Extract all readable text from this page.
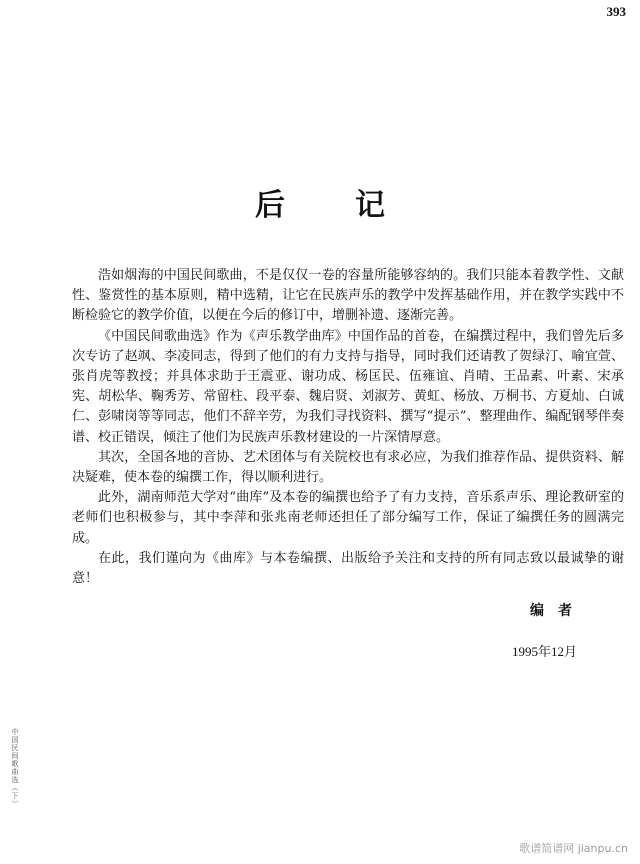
393
后记

浩如烟海的中国民间歌曲，不是仅仅一卷的容量所能够容纳的。我们只能本着教学性、文献性、鉴赏性的基本原则，精中选精，让它在民族声乐的教学中发挥基础作用，并在教学实践中不断检验它的教学价值，以便在今后的修订中，增删补遗、逐渐完善。

《中国民间歌曲选》作为《声乐教学曲库》中国作品的首卷，在编撰过程中，我们曾先后多次专访了赵飒、李凌同志，得到了他们的有力支持与指导，同时我们还请教了贺绿汀、喻宜萱、张肖虎等教授；并具体求助于王震亚、谢功成、杨匡民、伍雍谊、肖晴、王品素、叶素、宋承宪、胡松华、鞠秀芳、常留柱、段平泰、魏启贤、刘淑芳、黄虹、杨放、万桐书、方夏灿、白诚仁、彭啸岗等等同志，他们不辞辛劳，为我们寻找资料、撰写“提示”、整理曲作、编配钢琴伴奏谱、校正错误，倾注了他们为民族声乐教材建设的一片深情厚意。

其次，全国各地的音协、艺术团体与有关院校也有求必应，为我们推荐作品、提供资料、解决疑难，使本卷的编撰工作，得以顺利进行。

此外，湖南师范大学对“曲库”及本卷的编撰也给予了有力支持，音乐系声乐、理论教研室的老师们也积极参与，其中李萍和张兆南老师还担任了部分编写工作，保证了编撰任务的圆满完成。

在此，我们谨向为《曲库》与本卷编撰、出版给予关注和支持的所有同志致以最诚挚的谢意！

编者
1995年12月
中国民间歌曲选（下）
歌谱简谱网 jianpu.cn
